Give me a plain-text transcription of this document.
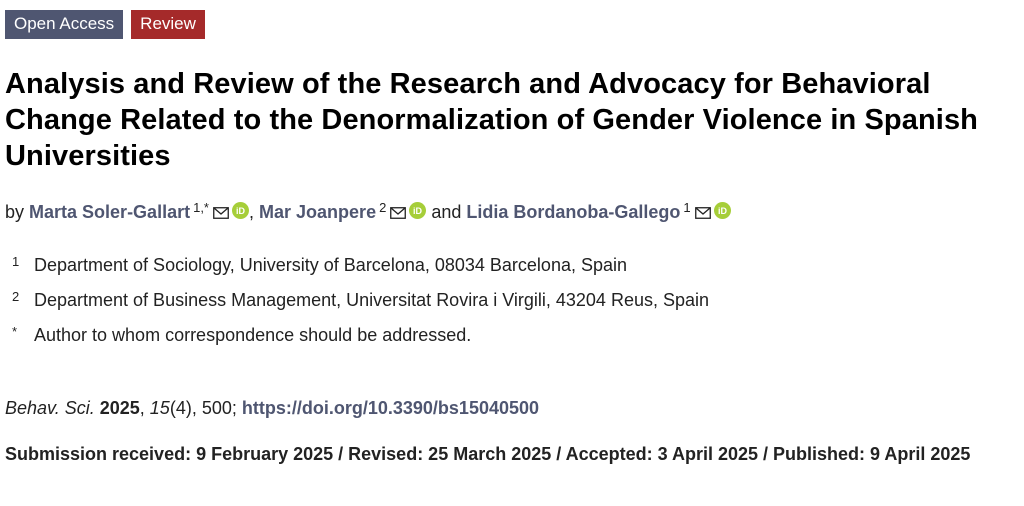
Open Access	Review
Analysis and Review of the Research and Advocacy for Behavioral Change Related to the Denormalization of Gender Violence in Spanish Universities
by Marta Soler-Gallart $^{1,*}$	iD , Mar Joanpere $^2$	iD and Lidia Bordanoba-Gallego $^1$	iD
1 Department of Sociology, University of Barcelona, 08034 Barcelona, Spain
2 Department of Business Management, Universitat Rovira i Virgili, 43204 Reus, Spain
* Author to whom correspondence should be addressed.
Behav. Sci. 2025, 15(4), 500; https://doi.org/10.3390/bs15040500
Submission received: 9 February 2025 / Revised: 25 March 2025 / Accepted: 3 April 2025 / Published: 9 April 2025
